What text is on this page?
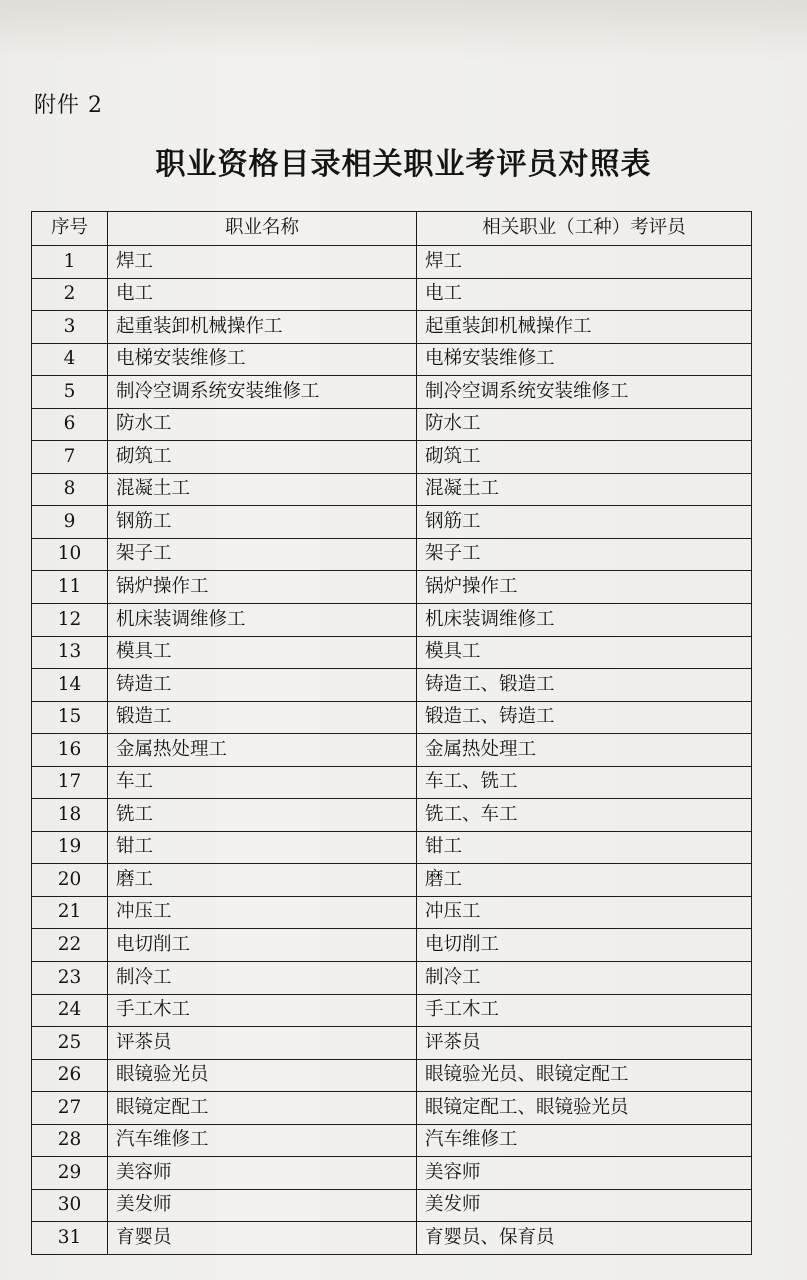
附件 2
职业资格目录相关职业考评员对照表
序号	职业名称	相关职业（工种）考评员
1	焊工	焊工
2	电工	电工
3	起重装卸机械操作工	起重装卸机械操作工
4	电梯安装维修工	电梯安装维修工
5	制冷空调系统安装维修工	制冷空调系统安装维修工
6	防水工	防水工
7	砌筑工	砌筑工
8	混凝土工	混凝土工
9	钢筋工	钢筋工
10	架子工	架子工
11	锅炉操作工	锅炉操作工
12	机床装调维修工	机床装调维修工
13	模具工	模具工
14	铸造工	铸造工、锻造工
15	锻造工	锻造工、铸造工
16	金属热处理工	金属热处理工
17	车工	车工、铣工
18	铣工	铣工、车工
19	钳工	钳工
20	磨工	磨工
21	冲压工	冲压工
22	电切削工	电切削工
23	制冷工	制冷工
24	手工木工	手工木工
25	评茶员	评茶员
26	眼镜验光员	眼镜验光员、眼镜定配工
27	眼镜定配工	眼镜定配工、眼镜验光员
28	汽车维修工	汽车维修工
29	美容师	美容师
30	美发师	美发师
31	育婴员	育婴员、保育员
